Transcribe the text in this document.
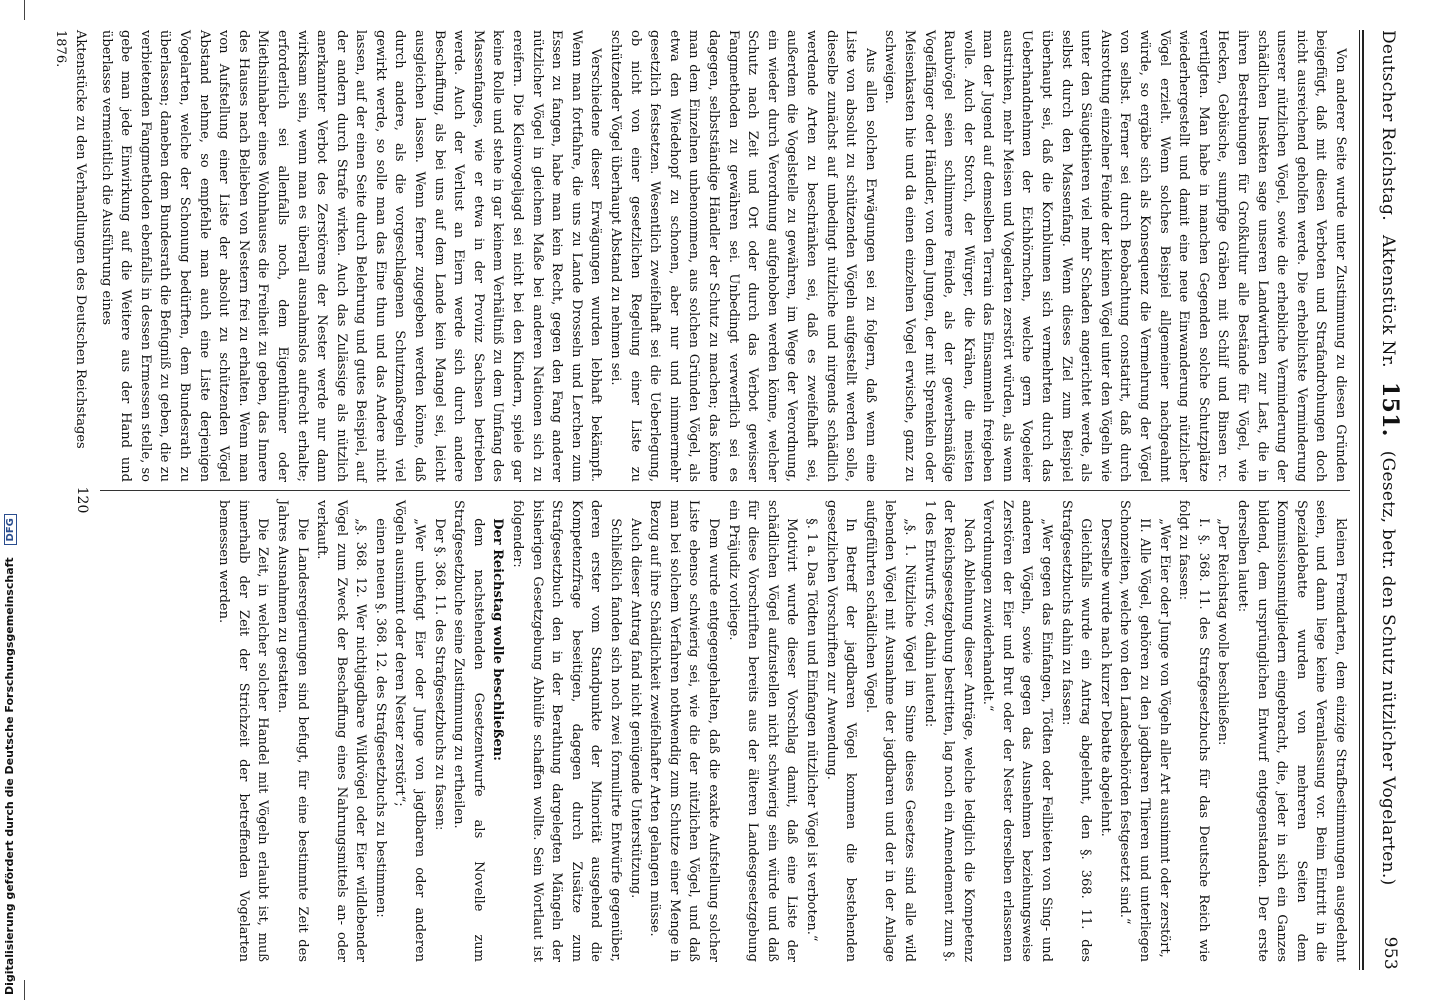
Digitalisierung gefördert durch die Deutsche Forschungsgemeinschaft DFG
Deutscher Reichstag.
Aktenstück Nr.
151.
(Gesetz, betr. den Schutz nützlicher Vogelarten.)
953

Von anderer Seite wurde unter Zustimmung zu diesen Gründen beigefügt, daß mit diesen Verboten und Strafandrohungen doch nicht ausreichend geholfen werde. Die erheblichste Verminderung unserer nützlichen Vögel, sowie die erhebliche Verminderung der schädlichen Insekten sage unseren Landwirthen zur Last, die in ihren Bestrebungen für Großkultur alle Bestände für Vögel, wie Hecken, Gebüsche, sumpfige Gräben mit Schilf und Binsen rc. vertilgten. Man habe in manchen Gegenden solche Schutzplätze wiederhergestellt und damit eine neue Einwanderung nützlicher Vögel erzielt. Wenn solches Beispiel allgemeiner nachgeahmt würde, so ergäbe sich als Konsequenz die Vermehrung der Vögel von selbst. Ferner sei durch Beobachtung constatirt, daß durch Ausrottung einzelner Feinde der kleinen Vögel unter den Vögeln wie unter den Säugethieren viel mehr Schaden angerichtet werde, als selbst durch den Massenfang. Wenn dieses Ziel zum Beispiel überhaupt sei, daß die Kornblumen sich vermehrten durch das Ueberhandnehmen der Eichhörnchen, welche gern Vogeleier austrinken, mehr Meisen und Vogelarten zerstört würden, als wenn man der Jugend auf demselben Terrain das Einsammeln freigeben wolle. Auch der Storch, der Würger, die Krähen, die meisten Raubvögel seien schlimmere Feinde, als der gewerbsmäßige Vogelfänger oder Händler, von dem Jungen, der mit Sprenkeln oder Meisenkasten hie und da einen einzelnen Vogel erwische, ganz zu schweigen.

Aus allen solchen Erwägungen sei zu folgern, daß wenn eine Liste von absolut zu schützenden Vögeln aufgestellt werden solle, dieselbe zunächst auf unbedingt nützliche und nirgends schädlich werdende Arten zu beschränken sei, daß es zweifelhaft sei, außerdem die Vogelstelle zu gewähren, im Wege der Verordnung, ein wieder durch Verordnung aufgehoben werden könne, welcher Schutz nach Zeit und Ort oder durch das Verbot gewisser Fangmethoden zu gewähren sei. Unbedingt verwerflich sei es dagegen, selbstständige Händler der Schutz zu machen; das könne man dem Einzelnen unbenommen, aus solchen Gründen Vögel, als etwa den Wiedehopf zu schonen, aber nur und nimmermehr gesetzlich festsetzen. Wesentlich zweifelhaft sei die Ueberlegung, ob nicht von einer gesetzlichen Regelung einer Liste zu schützender Vögel überhaupt Abstand zu nehmen sei.

Verschiedene dieser Erwägungen wurden lebhaft bekämpft. Wenn man fortfahre, die uns zu Lande Drosseln und Lerchen zum Essen zu fangen, habe man kein Recht, gegen den Fang anderer nützlicher Vögel in gleichem Maße bei anderen Nationen sich zu ereifern. Die Kleinvogeljagd sei nicht bei den Kindern, spiele gar keine Rolle und stehe in gar keinem Verhältniß zu dem Umfang des Massenfanges, wie er etwa in der Provinz Sachsen betrieben werde. Auch der Verlust an Eiern werde sich durch andere Beschaffung, als bei uns auf dem Lande kein Mangel sei, leicht ausgleichen lassen. Wenn ferner zugegeben werden könne, daß durch andere, als die vorgeschlagenen Schutzmaßregeln viel gewirkt werde, so solle man das Eine thun und das Andere nicht lassen, auf der einen Seite durch Belehrung und gutes Beispiel, auf der andern durch Strafe wirken. Auch das Zulässige als nützlich anerkannter Verbot des Zerstörens der Nester werde nur dann wirksam sein, wenn man es überall ausnahmslos aufrecht erhalte; erforderlich sei allenfalls noch, dem Eigenthümer oder Miethsinhaber eines Wohnhauses die Freiheit zu geben, das Innere des Hauses nach Belieben von Nestern frei zu erhalten. Wenn man von Aufstellung einer Liste der absolut zu schützenden Vögel Abstand nehme, so empfehle man auch eine Liste derjenigen Vogelarten, welche der Schonung bedürften, dem Bundesrath zu überlassen; daneben dem Bundesrath die Befugniß zu geben, die zu verbietenden Fangmethoden ebenfalls in dessen Ermessen stelle, so gebe man jede Einwirkung auf die Weitere aus der Hand und überlasse vermeintlich die Ausführung eines

Aktenstücke zu den Verhandlungen des Deutschen Reichstages 1876.

kleinen Fremdarten, dem einzige Strafbestimmungen ausgedehnt seien, und dann liege keine Veranlassung vor. Beim Eintritt in die Spezialdebatte wurden von mehreren Seiten dem Kommissionsmitgliedern eingebracht, die, jeder in sich ein Ganzes bildend, dem ursprünglichen Entwurf entgegenstanden. Der erste derselben lautet:

„Der Reichstag wolle beschließen:

I. §. 368. 11. des Strafgesetzbuchs für das Deutsche Reich wie folgt zu fassen:

„Wer Eier oder Junge von Vögeln aller Art ausnimmt oder zerstört,

II. Alle Vögel, gehören zu den jagdbaren Thieren und unterliegen Schonzeiten, welche von den Landesbehörden festgesetzt sind.“

Derselbe wurde nach kurzer Debatte abgelehnt.

Gleichfalls wurde ein Antrag abgelehnt, den §. 368. 11. des Strafgesetzbuchs dahin zu fassen:

„Wer gegen das Einfangen, Tödten oder Feilbieten von Sing- und anderen Vögeln, sowie gegen das Ausnehmen beziehungsweise Zerstören der Eier und Brut oder der Nester derselben erlassenen Verordnungen zuwiderhandelt.“

Nach Ablehnung dieser Anträge, welche lediglich die Kompetenz der Reichsgesetzgebung bestritten, lag noch ein Amendement zum §. 1 des Entwurfs vor, dahin lautend:

„§. 1. Nützliche Vögel im Sinne dieses Gesetzes sind alle wild lebenden Vögel mit Ausnahme der jagdbaren und der in der Anlage aufgeführten schädlichen Vögel.

In Betreff der jagdbaren Vögel kommen die bestehenden gesetzlichen Vorschriften zur Anwendung.

§. 1 a. Das Tödten und Einfangen nützlicher Vögel ist verboten.“

Motivirt wurde dieser Vorschlag damit, daß eine Liste der schädlichen Vögel aufzustellen nicht schwierig sein würde und daß für diese Vorschriften bereits aus der älteren Landesgesetzgebung ein Präjudiz vorliege.

Dem wurde entgegengehalten, daß die exakte Aufstellung solcher Liste ebenso schwierig sei, wie die der nützlichen Vögel, und daß man bei solchem Verfahren nothwendig zum Schutze einer Menge in Bezug auf ihre Schädlichkeit zweifelhafter Arten gelangen müsse.

Auch dieser Antrag fand nicht genügende Unterstützung.

Schließlich fanden sich noch zwei formulirte Entwürfe gegenüber, deren erster vom Standpunkte der Minorität ausgehend die Kompetenzfrage beseitigen, dagegen durch Zusätze zum Strafgesetzbuch den in der Berathung dargelegten Mängeln der bisherigen Gesetzgebung Abhülfe schaffen wollte. Sein Wortlaut ist folgender:

Der Reichstag wolle beschließen:

dem nachstehenden Gesetzentwurfe als Novelle zum Strafgesetzbuche seine Zustimmung zu ertheilen.

Der §. 368. 11. des Strafgesetzbuchs zu fassen:

„Wer unbefugt Eier oder Junge von jagdbaren oder anderen Vögeln ausnimmt oder deren Nester zerstört“;

einen neuen §. 368. 12. des Strafgesetzbuchs zu bestimmen:

„§. 368. 12. Wer nichtjagdbare Wildvögel oder Eier wildlebender Vögel zum Zweck der Beschaffung eines Nahrungsmittels an- oder verkauft.

Die Landesregierungen sind befugt, für eine bestimmte Zeit des Jahres Ausnahmen zu gestatten.

Die Zeit, in welcher solcher Handel mit Vögeln erlaubt ist, muß innerhalb der Zeit der Strichzeit der betreffenden Vogelarten bemessen werden.

120
